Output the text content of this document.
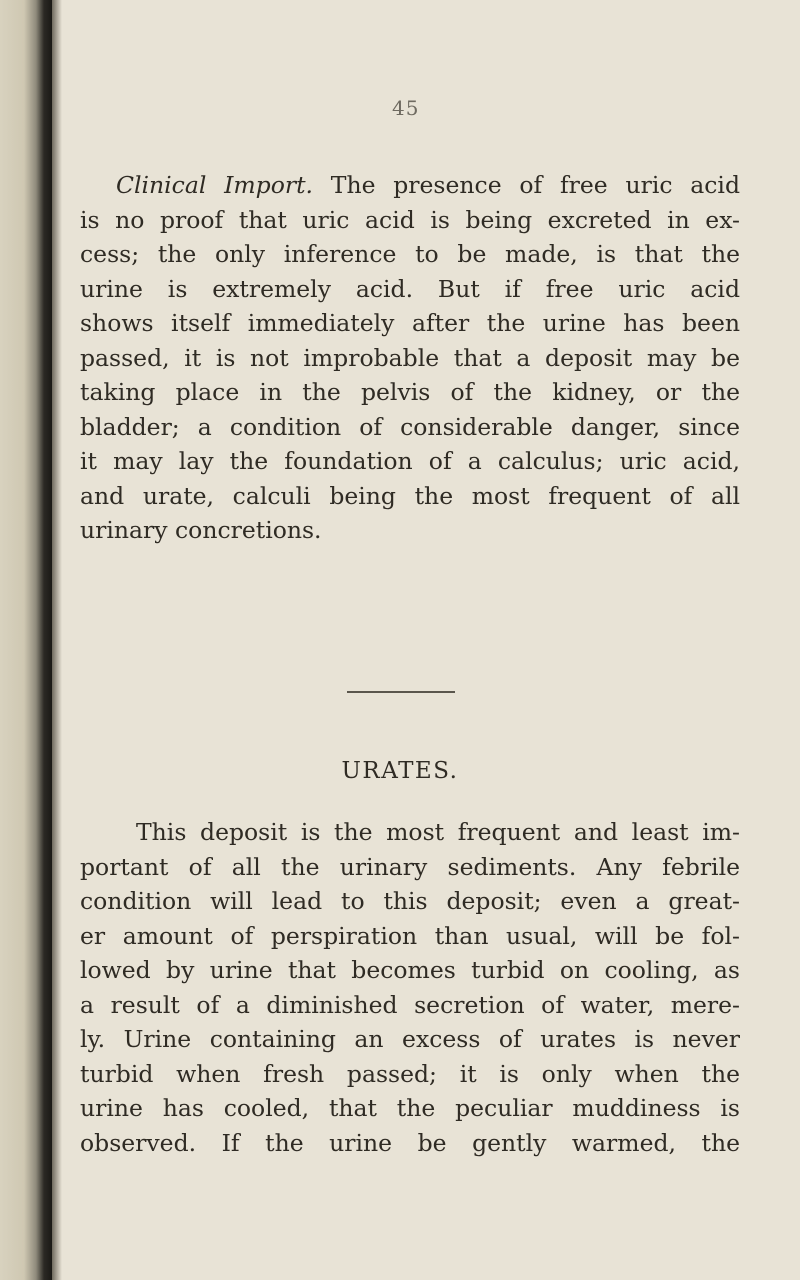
45
Clinical Import. The presence of free uric acid
is no proof that uric acid is being excreted in ex-
cess; the only inference to be made, is that the
urine is extremely acid. But if free uric acid
shows itself immediately after the urine has been
passed, it is not improbable that a deposit may be
taking place in the pelvis of the kidney, or the
bladder; a condition of considerable danger, since
it may lay the foundation of a calculus; uric acid,
and urate, calculi being the most frequent of all
urinary concretions.
URATES.
This deposit is the most frequent and least im-
portant of all the urinary sediments. Any febrile
condition will lead to this deposit; even a great-
er amount of perspiration than usual, will be fol-
lowed by urine that becomes turbid on cooling, as
a result of a diminished secretion of water, mere-
ly. Urine containing an excess of urates is never
turbid when fresh passed; it is only when the
urine has cooled, that the peculiar muddiness is
observed. If the urine be gently warmed, the
